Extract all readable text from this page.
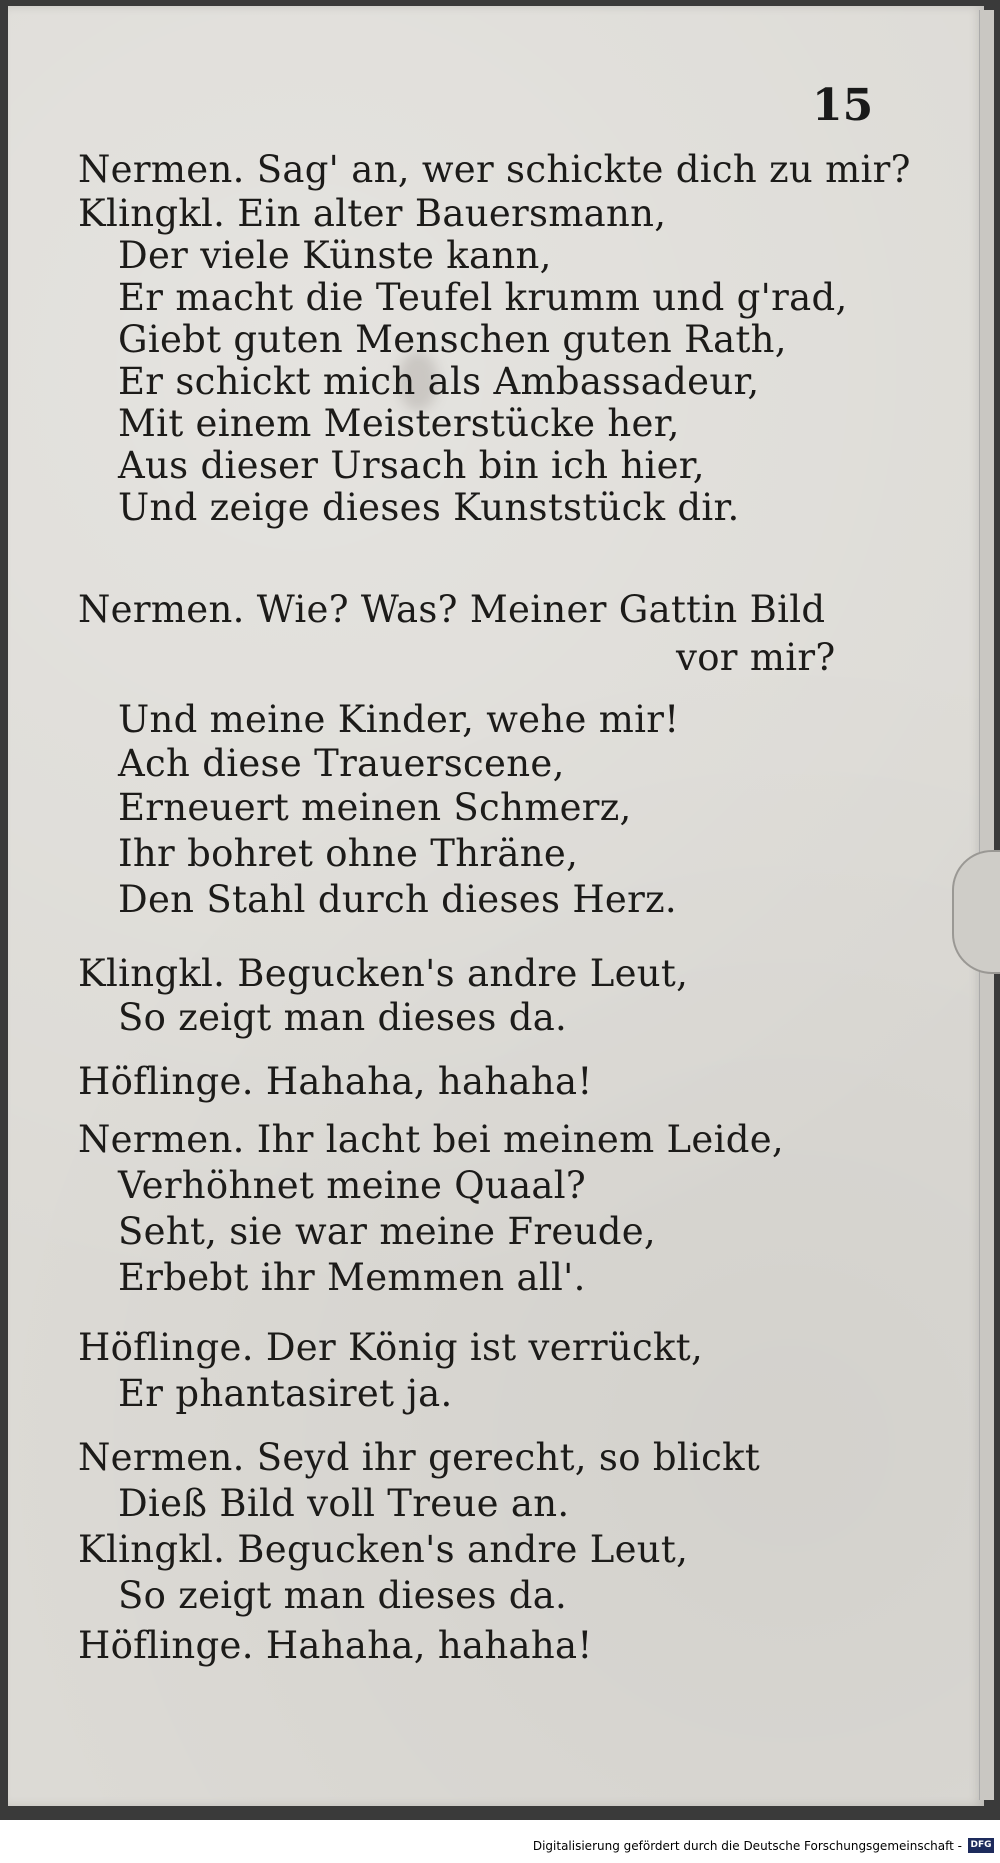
15
Nermen. Sag' an, wer schickte dich zu mir?
Klingkl. Ein alter Bauersmann,
Der viele Künste kann,
Er macht die Teufel krumm und g'rad,
Giebt guten Menschen guten Rath,
Er schickt mich als Ambassadeur,
Mit einem Meisterstücke her,
Aus dieser Ursach bin ich hier,
Und zeige dieses Kunststück dir.
Nermen. Wie? Was? Meiner Gattin Bild
vor mir?
Und meine Kinder, wehe mir!
Ach diese Trauerscene,
Erneuert meinen Schmerz,
Ihr bohret ohne Thräne,
Den Stahl durch dieses Herz.
Klingkl. Begucken's andre Leut,
So zeigt man dieses da.
Höflinge. Hahaha, hahaha!
Nermen. Ihr lacht bei meinem Leide,
Verhöhnet meine Quaal?
Seht, sie war meine Freude,
Erbebt ihr Memmen all'.
Höflinge. Der König ist verrückt,
Er phantasiret ja.
Nermen. Seyd ihr gerecht, so blickt
Dieß Bild voll Treue an.
Klingkl. Begucken's andre Leut,
So zeigt man dieses da.
Höflinge. Hahaha, hahaha!
Digitalisierung gefördert durch die Deutsche Forschungsgemeinschaft - DFG
